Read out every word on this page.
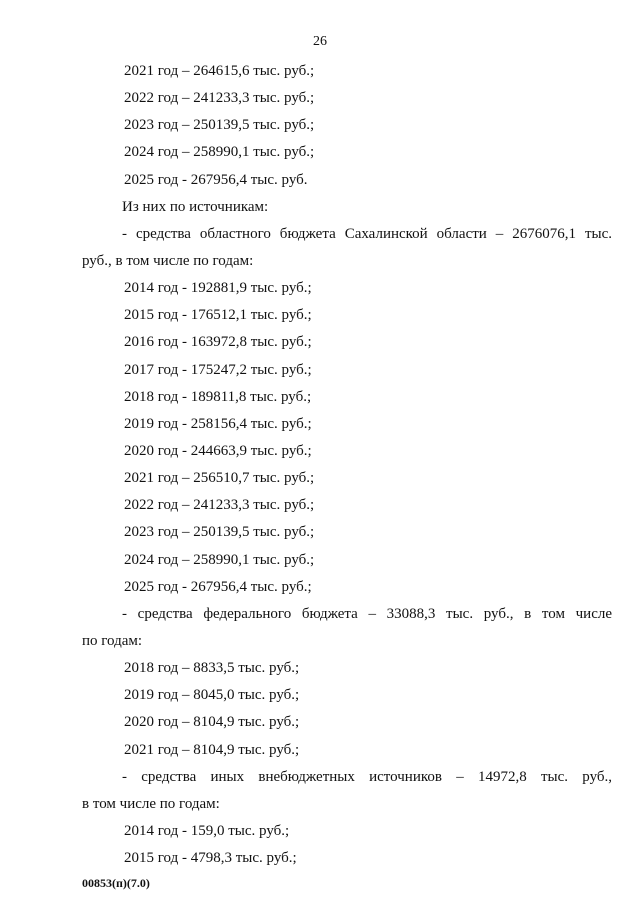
26
2021 год – 264615,6 тыс. руб.;
2022 год – 241233,3 тыс. руб.;
2023 год – 250139,5 тыс. руб.;
2024 год – 258990,1 тыс. руб.;
2025 год - 267956,4 тыс. руб.
Из них по источникам:
- средства областного бюджета Сахалинской области – 2676076,1 тыс.
руб., в том числе по годам:
2014 год - 192881,9 тыс. руб.;
2015 год - 176512,1 тыс. руб.;
2016 год - 163972,8 тыс. руб.;
2017 год - 175247,2 тыс. руб.;
2018 год - 189811,8 тыс. руб.;
2019 год - 258156,4 тыс. руб.;
2020 год - 244663,9 тыс. руб.;
2021 год – 256510,7 тыс. руб.;
2022 год – 241233,3 тыс. руб.;
2023 год – 250139,5 тыс. руб.;
2024 год – 258990,1 тыс. руб.;
2025 год - 267956,4 тыс. руб.;
- средства федерального бюджета – 33088,3 тыс. руб., в том числе
по годам:
2018 год – 8833,5 тыс. руб.;
2019 год – 8045,0 тыс. руб.;
2020 год – 8104,9 тыс. руб.;
2021 год – 8104,9 тыс. руб.;
- средства иных внебюджетных источников – 14972,8 тыс. руб.,
в том числе по годам:
2014 год - 159,0 тыс. руб.;
2015 год - 4798,3 тыс. руб.;
00853(п)(7.0)
